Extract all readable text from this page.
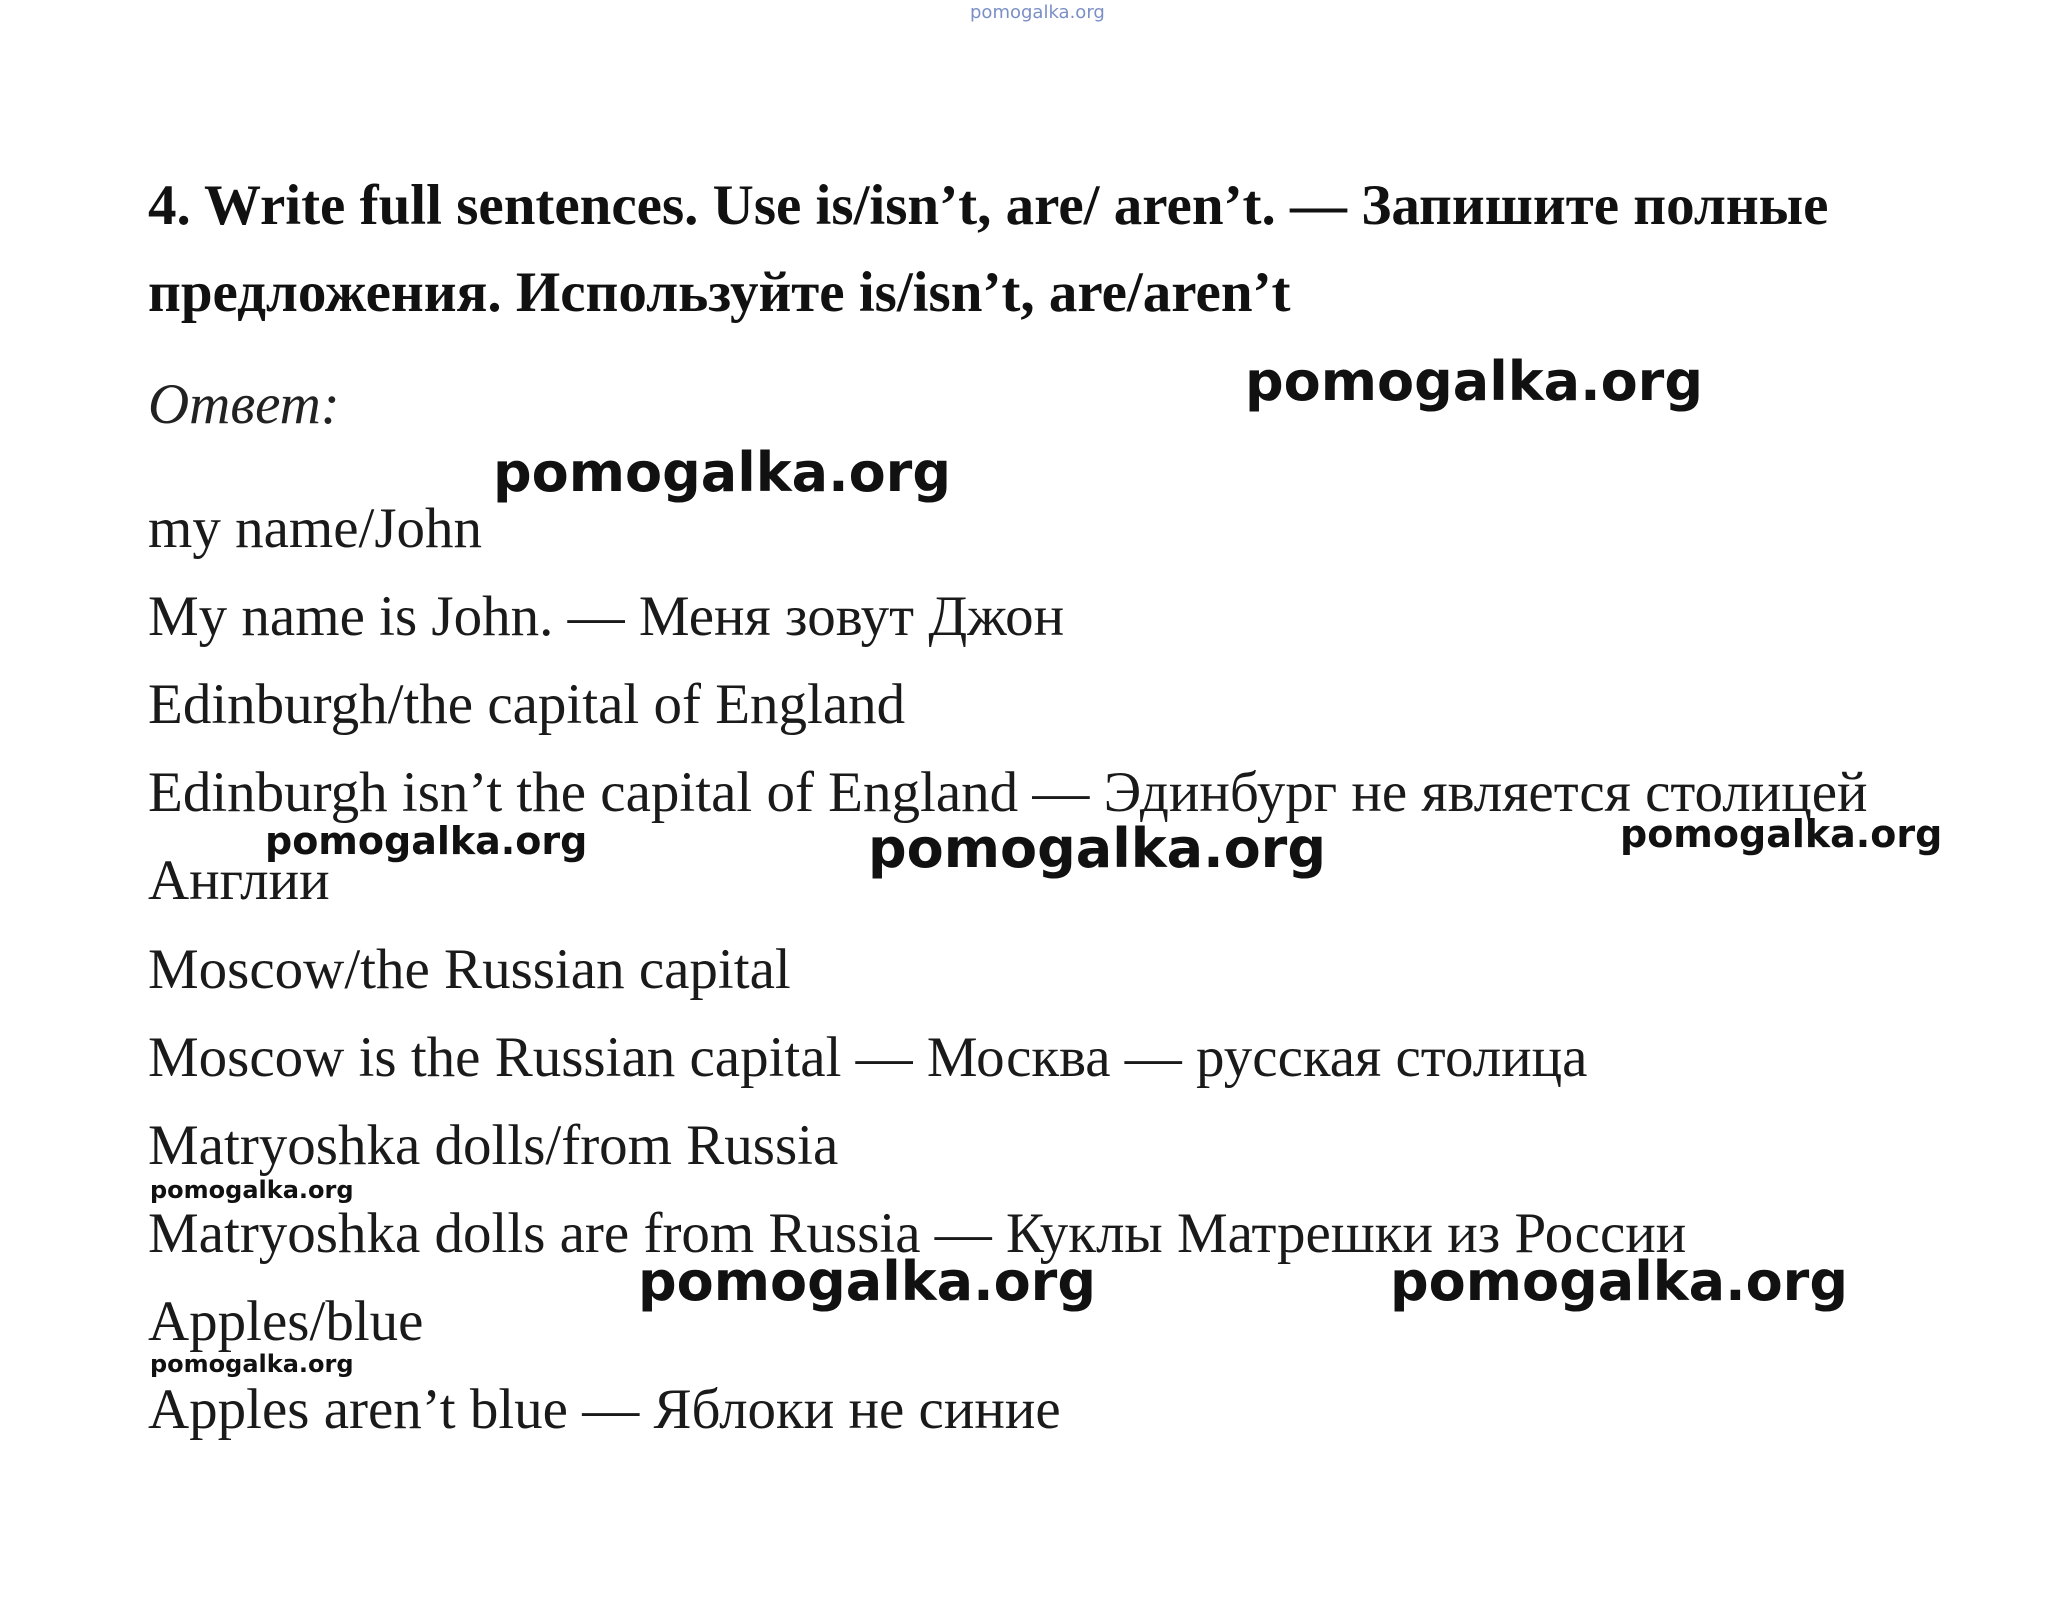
pomogalka.org
4. Write full sentences. Use is/isn’t, are/ aren’t. — Запишите полные предложения. Используйте is/isn’t, are/aren’t
Ответ:
my name/John
My name is John. — Меня зовут Джон
Edinburgh/the capital of England
Edinburgh isn’t the capital of England — Эдинбург не является столицей
Англии
Moscow/the Russian capital
Moscow is the Russian capital — Москва — русская столица
Matryoshka dolls/from Russia
Matryoshka dolls are from Russia — Куклы Матрешки из России
Apples/blue
Apples aren’t blue — Яблоки не синие
pomogalka.org
pomogalka.org
pomogalka.org	pomogalka.org	pomogalka.org
pomogalka.org
pomogalka.org	pomogalka.org
pomogalka.org
